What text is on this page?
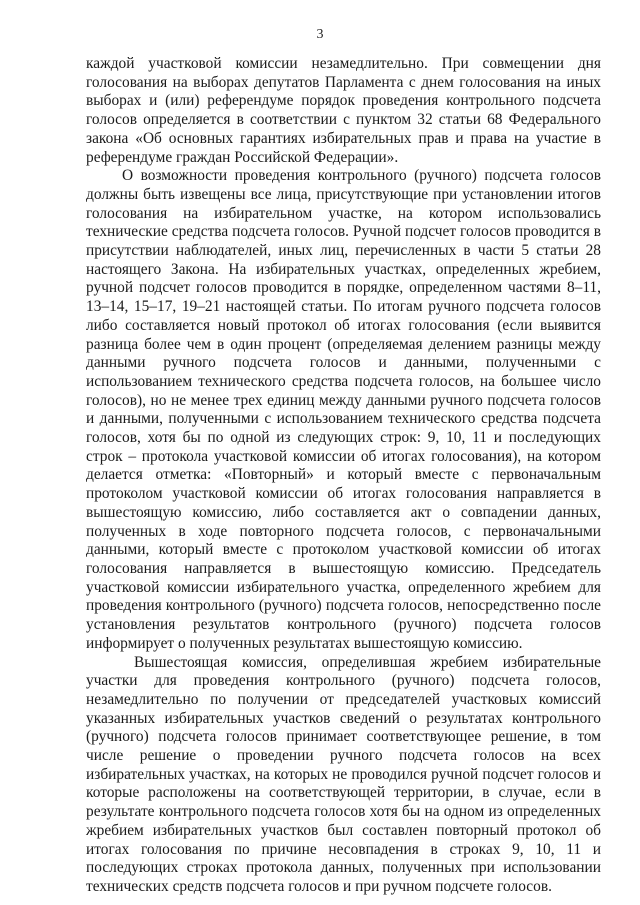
3

каждой участковой комиссии незамедлительно. При совмещении дня голосования на выборах депутатов Парламента с днем голосования на иных выборах и (или) референдуме порядок проведения контрольного подсчета голосов определяется в соответствии с пунктом 32 статьи 68 Федерального закона «Об основных гарантиях избирательных прав и права на участие в референдуме граждан Российской Федерации».

О возможности проведения контрольного (ручного) подсчета голосов должны быть извещены все лица, присутствующие при установлении итогов голосования на избирательном участке, на котором использовались технические средства подсчета голосов. Ручной подсчет голосов проводится в присутствии наблюдателей, иных лиц, перечисленных в части 5 статьи 28 настоящего Закона. На избирательных участках, определенных жребием, ручной подсчет голосов проводится в порядке, определенном частями 8–11, 13–14, 15–17, 19–21 настоящей статьи. По итогам ручного подсчета голосов либо составляется новый протокол об итогах голосования (если выявится разница более чем в один процент (определяемая делением разницы между данными ручного подсчета голосов и данными, полученными с использованием технического средства подсчета голосов, на большее число голосов), но не менее трех единиц между данными ручного подсчета голосов и данными, полученными с использованием технического средства подсчета голосов, хотя бы по одной из следующих строк: 9, 10, 11 и последующих строк – протокола участковой комиссии об итогах голосования), на котором делается отметка: «Повторный» и который вместе с первоначальным протоколом участковой комиссии об итогах голосования направляется в вышестоящую комиссию, либо составляется акт о совпадении данных, полученных в ходе повторного подсчета голосов, с первоначальными данными, который вместе с протоколом участковой комиссии об итогах голосования направляется в вышестоящую комиссию. Председатель участковой комиссии избирательного участка, определенного жребием для проведения контрольного (ручного) подсчета голосов, непосредственно после установления результатов контрольного (ручного) подсчета голосов информирует о полученных результатах вышестоящую комиссию.

Вышестоящая комиссия, определившая жребием избирательные участки для проведения контрольного (ручного) подсчета голосов, незамедлительно по получении от председателей участковых комиссий указанных избирательных участков сведений о результатах контрольного (ручного) подсчета голосов принимает соответствующее решение, в том числе решение о проведении ручного подсчета голосов на всех избирательных участках, на которых не проводился ручной подсчет голосов и которые расположены на соответствующей территории, в случае, если в результате контрольного подсчета голосов хотя бы на одном из определенных жребием избирательных участков был составлен повторный протокол об итогах голосования по причине несовпадения в строках 9, 10, 11 и последующих строках протокола данных, полученных при использовании технических средств подсчета голосов и при ручном подсчете голосов.
